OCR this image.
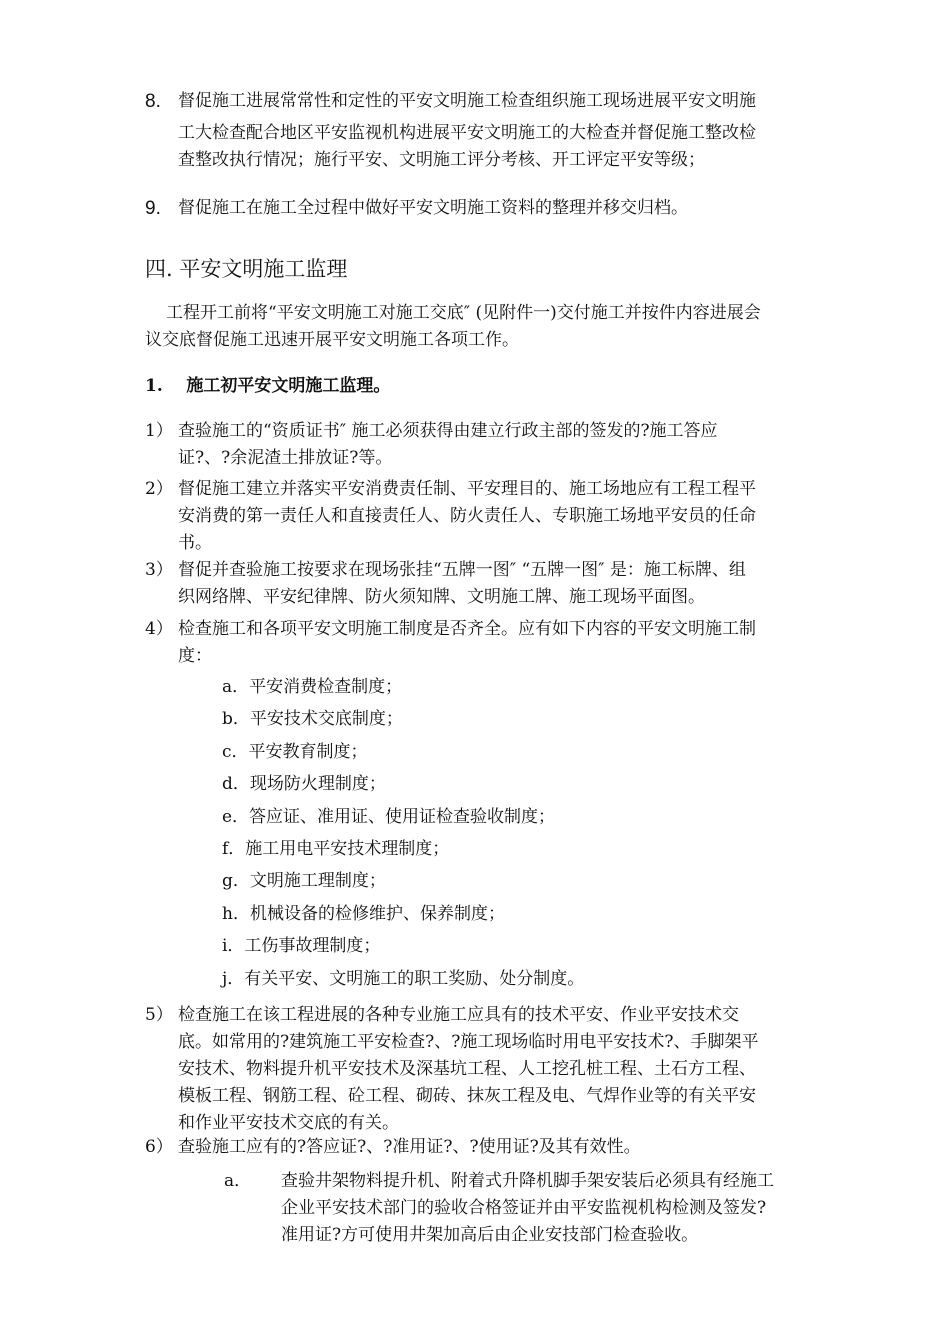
8. 督促施工进展常常性和定性的平安文明施工检查组织施工现场进展平安文明施
工大检查配合地区平安监视机构进展平安文明施工的大检查并督促施工整改检
查整改执行情况；施行平安、文明施工评分考核、开工评定平安等级；
9. 督促施工在施工全过程中做好平安文明施工资料的整理并移交归档。
四. 平安文明施工监理
工程开工前将“平安文明施工对施工交底″ (见附件一)交付施工并按件内容进展会
议交底督促施工迅速开展平安文明施工各项工作。
1.    施工初平安文明施工监理。
1） 查验施工的“资质证书″ 施工必须获得由建立行政主部的签发的?施工答应
证?、?余泥渣土排放证?等。
2） 督促施工建立并落实平安消费责任制、平安理目的、施工场地应有工程工程平
安消费的第一责任人和直接责任人、防火责任人、专职施工场地平安员的任命
书。
3） 督促并查验施工按要求在现场张挂“五牌一图″ “五牌一图″ 是：施工标牌、组
织网络牌、平安纪律牌、防火须知牌、文明施工牌、施工现场平面图。
4） 检查施工和各项平安文明施工制度是否齐全。应有如下内容的平安文明施工制
度：
a．平安消费检查制度；
b．平安技术交底制度；
c．平安教育制度；
d．现场防火理制度；
e．答应证、准用证、使用证检查验收制度；
f．施工用电平安技术理制度；
g．文明施工理制度；
h．机械设备的检修维护、保养制度；
i．工伤事故理制度；
j．有关平安、文明施工的职工奖励、处分制度。
5） 检查施工在该工程进展的各种专业施工应具有的技术平安、作业平安技术交
底。如常用的?建筑施工平安检查?、?施工现场临时用电平安技术?、手脚架平
安技术、物料提升机平安技术及深基坑工程、人工挖孔桩工程、土石方工程、
模板工程、钢筋工程、砼工程、砌砖、抹灰工程及电、气焊作业等的有关平安
和作业平安技术交底的有关。
6） 查验施工应有的?答应证?、?准用证?、?使用证?及其有效性。
a． 查验井架物料提升机、附着式升降机脚手架安装后必须具有经施工
企业平安技术部门的验收合格签证并由平安监视机构检测及签发?
准用证?方可使用井架加高后由企业安技部门检查验收。
